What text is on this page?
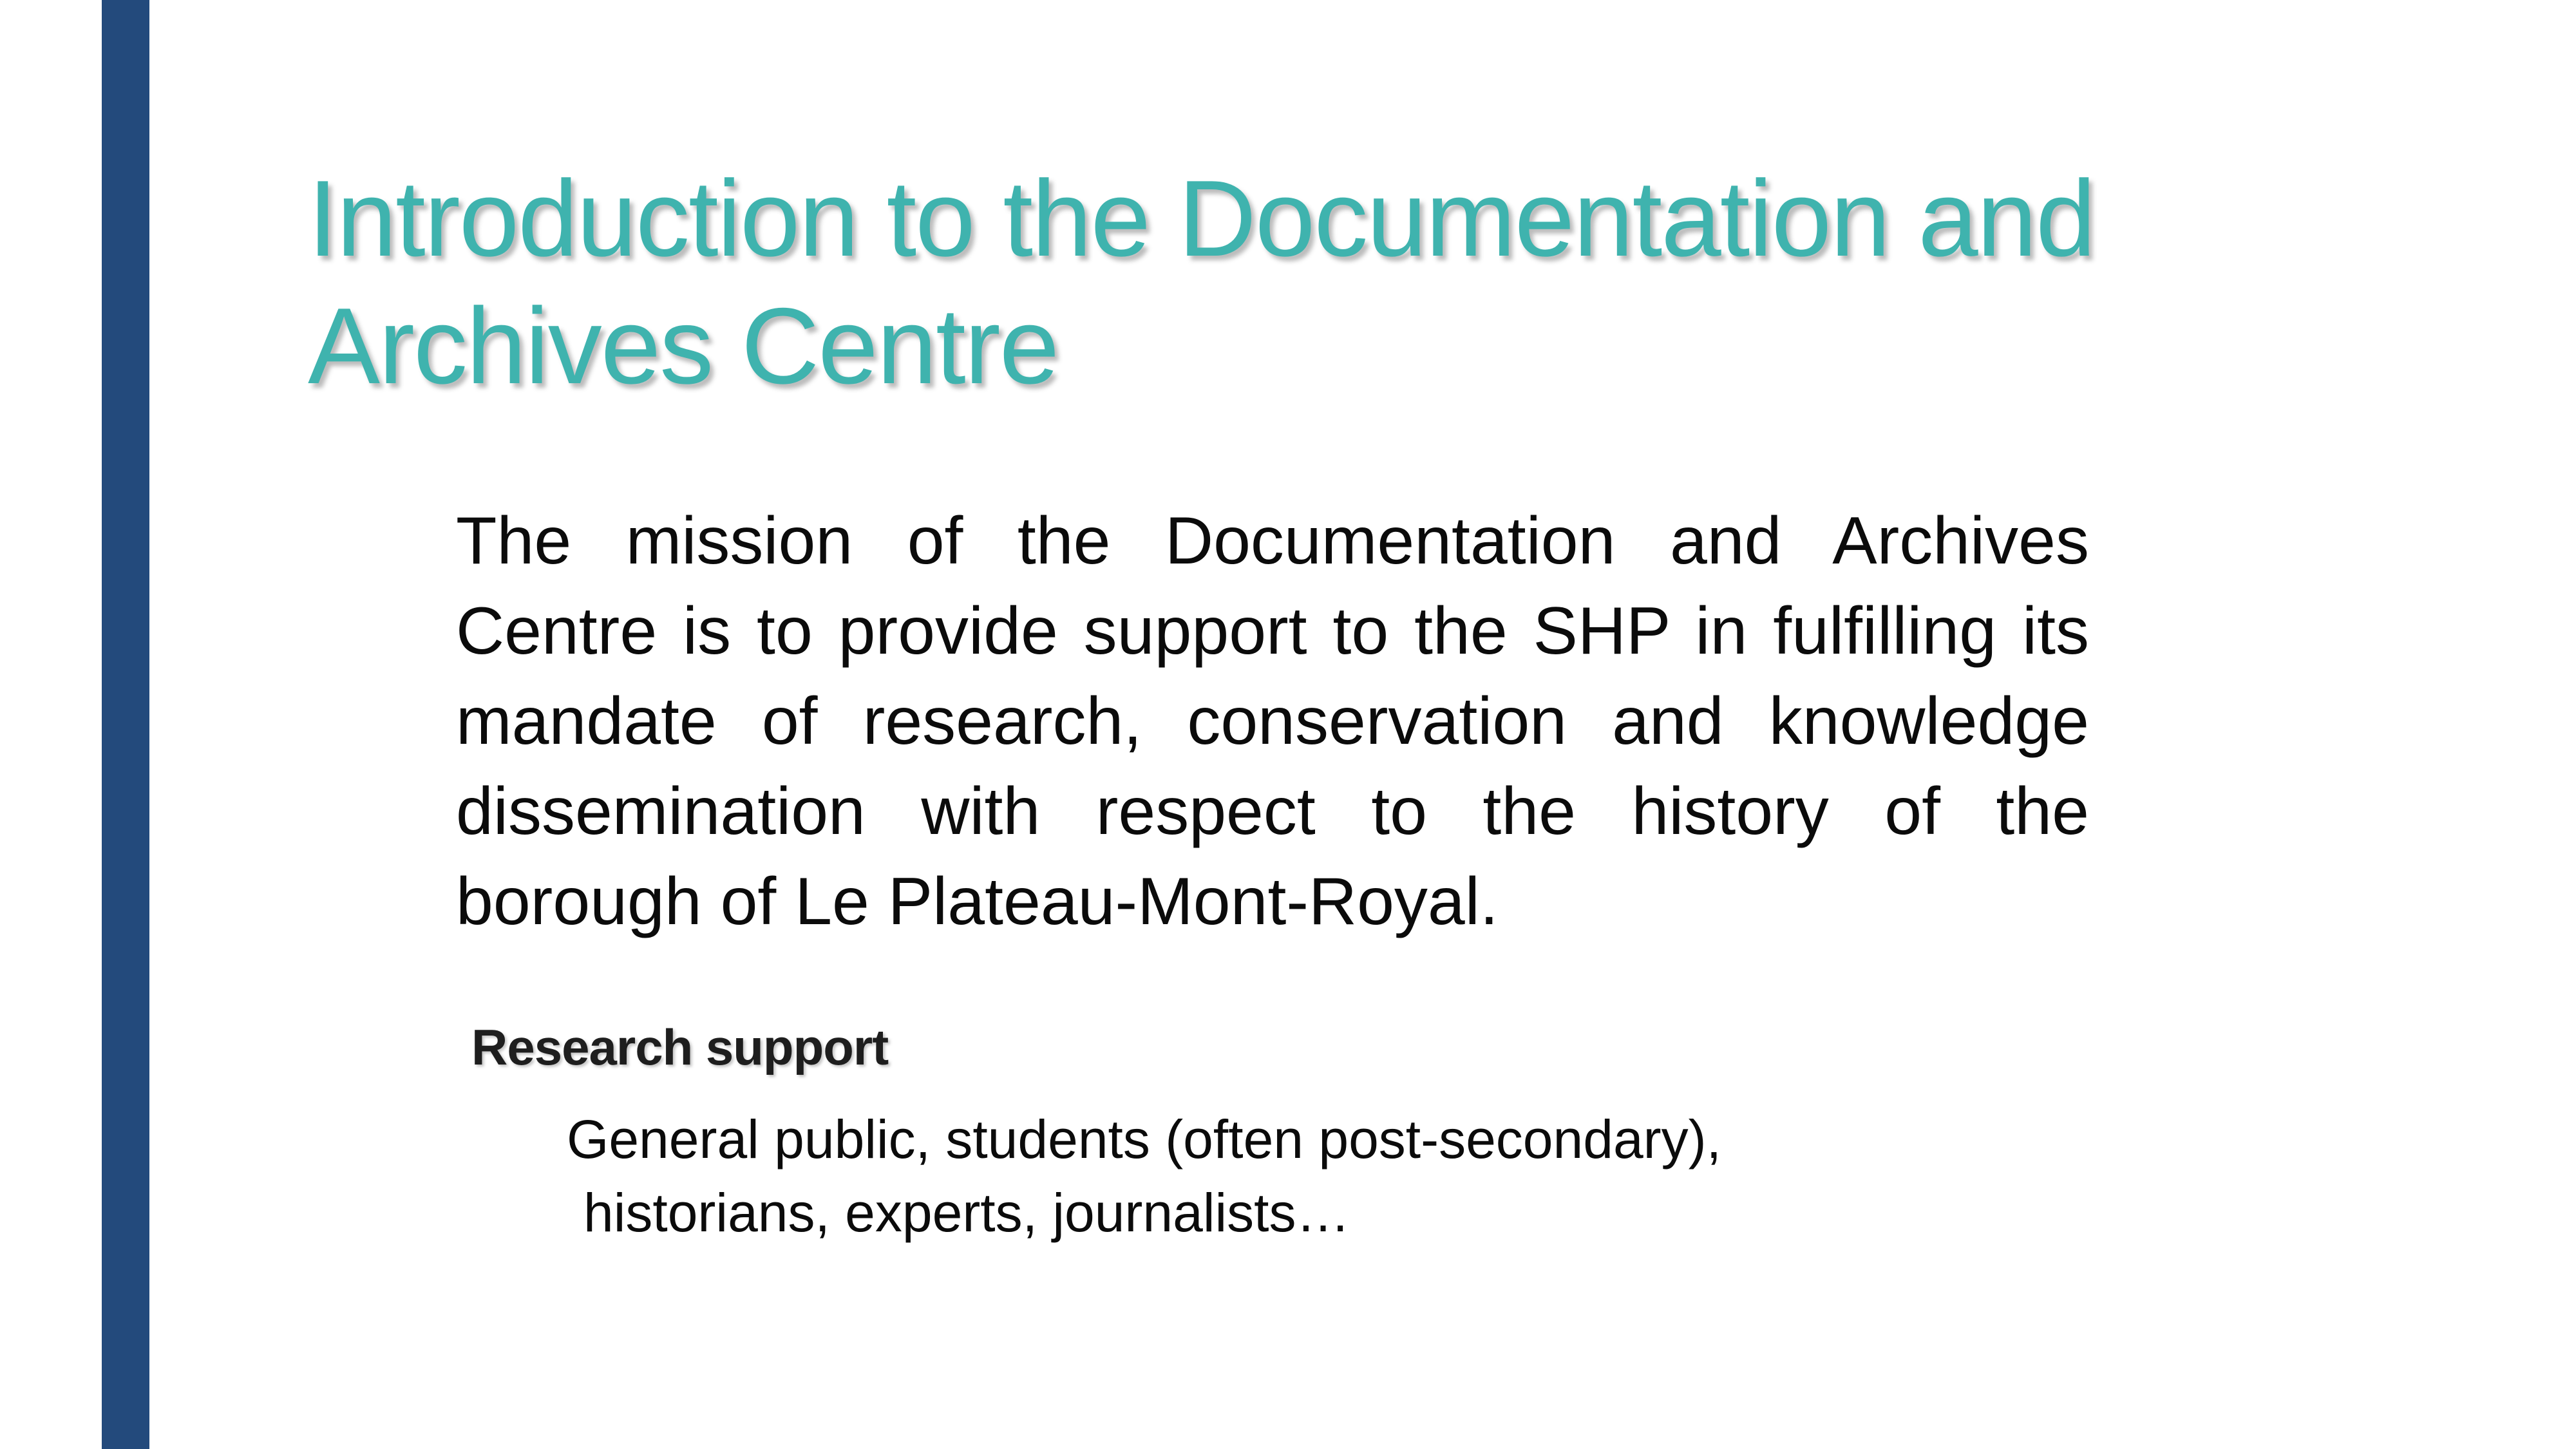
Introduction to the Documentation and Archives Centre

The mission of the Documentation and Archives Centre is to provide support to the SHP in fulfilling its mandate of research, conservation and knowledge dissemination with respect to the history of the borough of Le Plateau-Mont-Royal.

Research support

General public, students (often post-secondary),
historians, experts, journalists…
